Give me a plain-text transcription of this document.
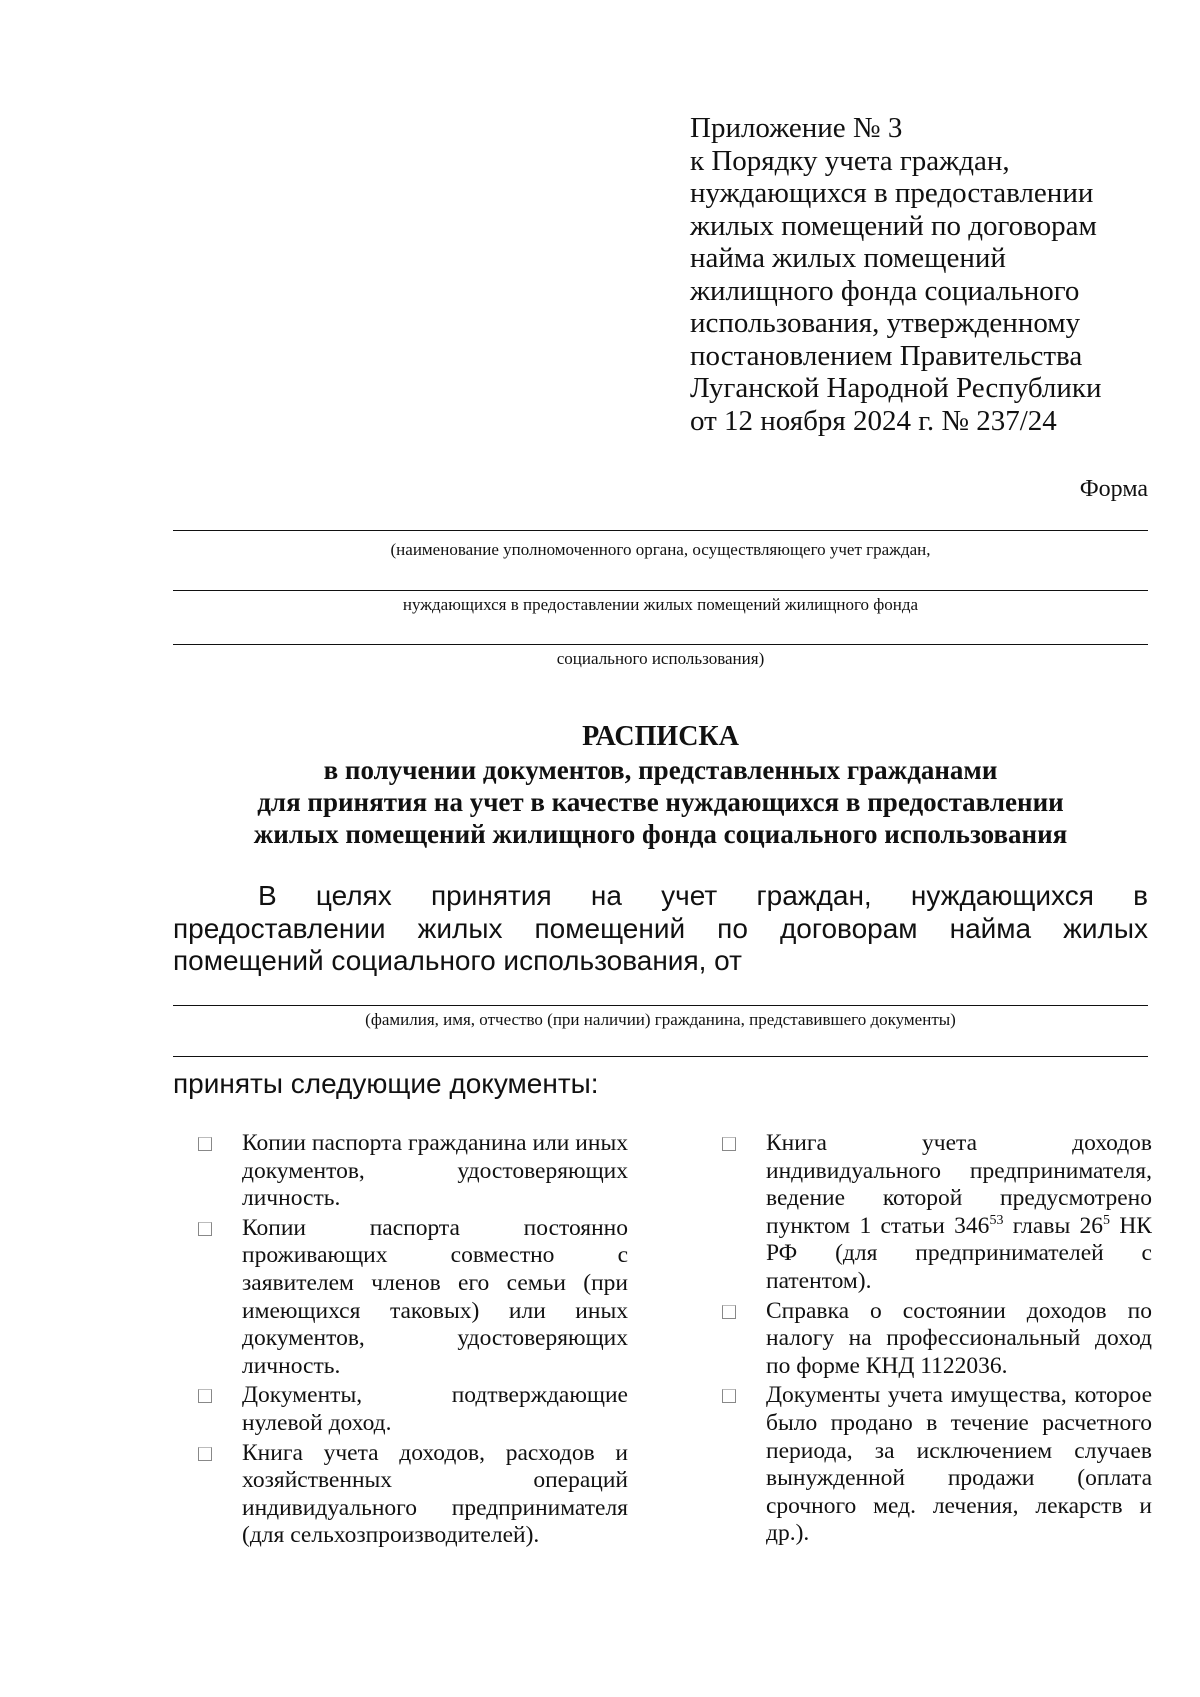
Приложение № 3
к Порядку учета граждан,
нуждающихся в предоставлении
жилых помещений по договорам
найма жилых помещений
жилищного фонда социального
использования, утвержденному
постановлением Правительства
Луганской Народной Республики
от 12 ноября 2024 г. № 237/24
Форма
(наименование уполномоченного органа, осуществляющего учет граждан,
нуждающихся в предоставлении жилых помещений жилищного фонда
социального использования)
РАСПИСКА
в получении документов, представленных гражданами
для принятия на учет в качестве нуждающихся в предоставлении
жилых помещений жилищного фонда социального использования
В целях принятия на учет граждан, нуждающихся в предоставлении жилых помещений по договорам найма жилых помещений социального использования, от
(фамилия, имя, отчество (при наличии) гражданина, представившего документы)
приняты следующие документы:
Копии паспорта гражданина или иных документов, удостоверяющих личность.
Копии паспорта постоянно проживающих совместно с заявителем членов его семьи (при имеющихся таковых) или иных документов, удостоверяющих личность.
Документы, подтверждающие нулевой доход.
Книга учета доходов, расходов и хозяйственных операций индивидуального предпринимателя (для сельхозпроизводителей).
Книга учета доходов индивидуального предпринимателя, ведение которой предусмотрено пунктом 1 статьи $346^{53}$ главы $26^5$ НК РФ (для предпринимателей с патентом).
Справка о состоянии доходов по налогу на профессиональный доход по форме КНД 1122036.
Документы учета имущества, которое было продано в течение расчетного периода, за исключением случаев вынужденной продажи (оплата срочного мед. лечения, лекарств и др.).
